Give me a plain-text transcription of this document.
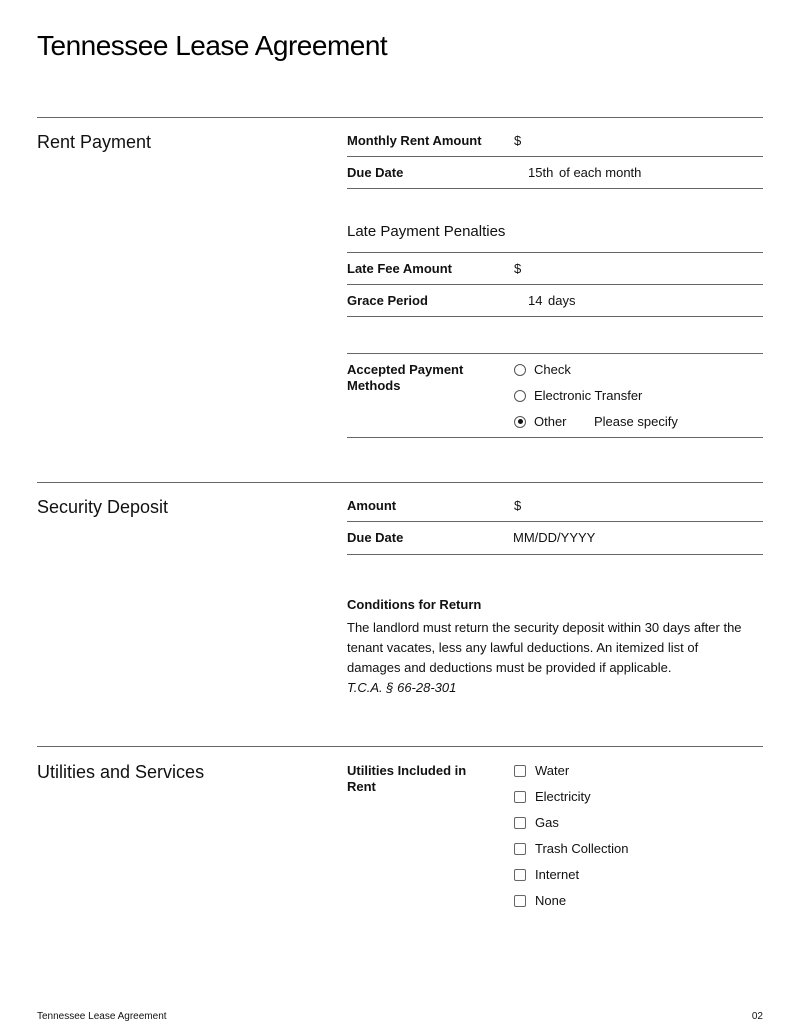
Tennessee Lease Agreement
Rent Payment	Monthly Rent Amount $
Due Date	15th of each month
Late Payment Penalties
Late Fee Amount	$
Grace Period	14 days
Accepted Payment Methods
Check
Electronic Transfer
Other Please specify
Security Deposit	Amount	$
Due Date	MM/DD/YYYY
Conditions for Return
The landlord must return the security deposit within 30 days after the tenant vacates, less any lawful deductions. An itemized list of damages and deductions must be provided if applicable.
T.C.A. § 66-28-301
Utilities and Services	Utilities Included in Rent
Water
Electricity
Gas
Trash Collection
Internet
None
Tennessee Lease Agreement	02
